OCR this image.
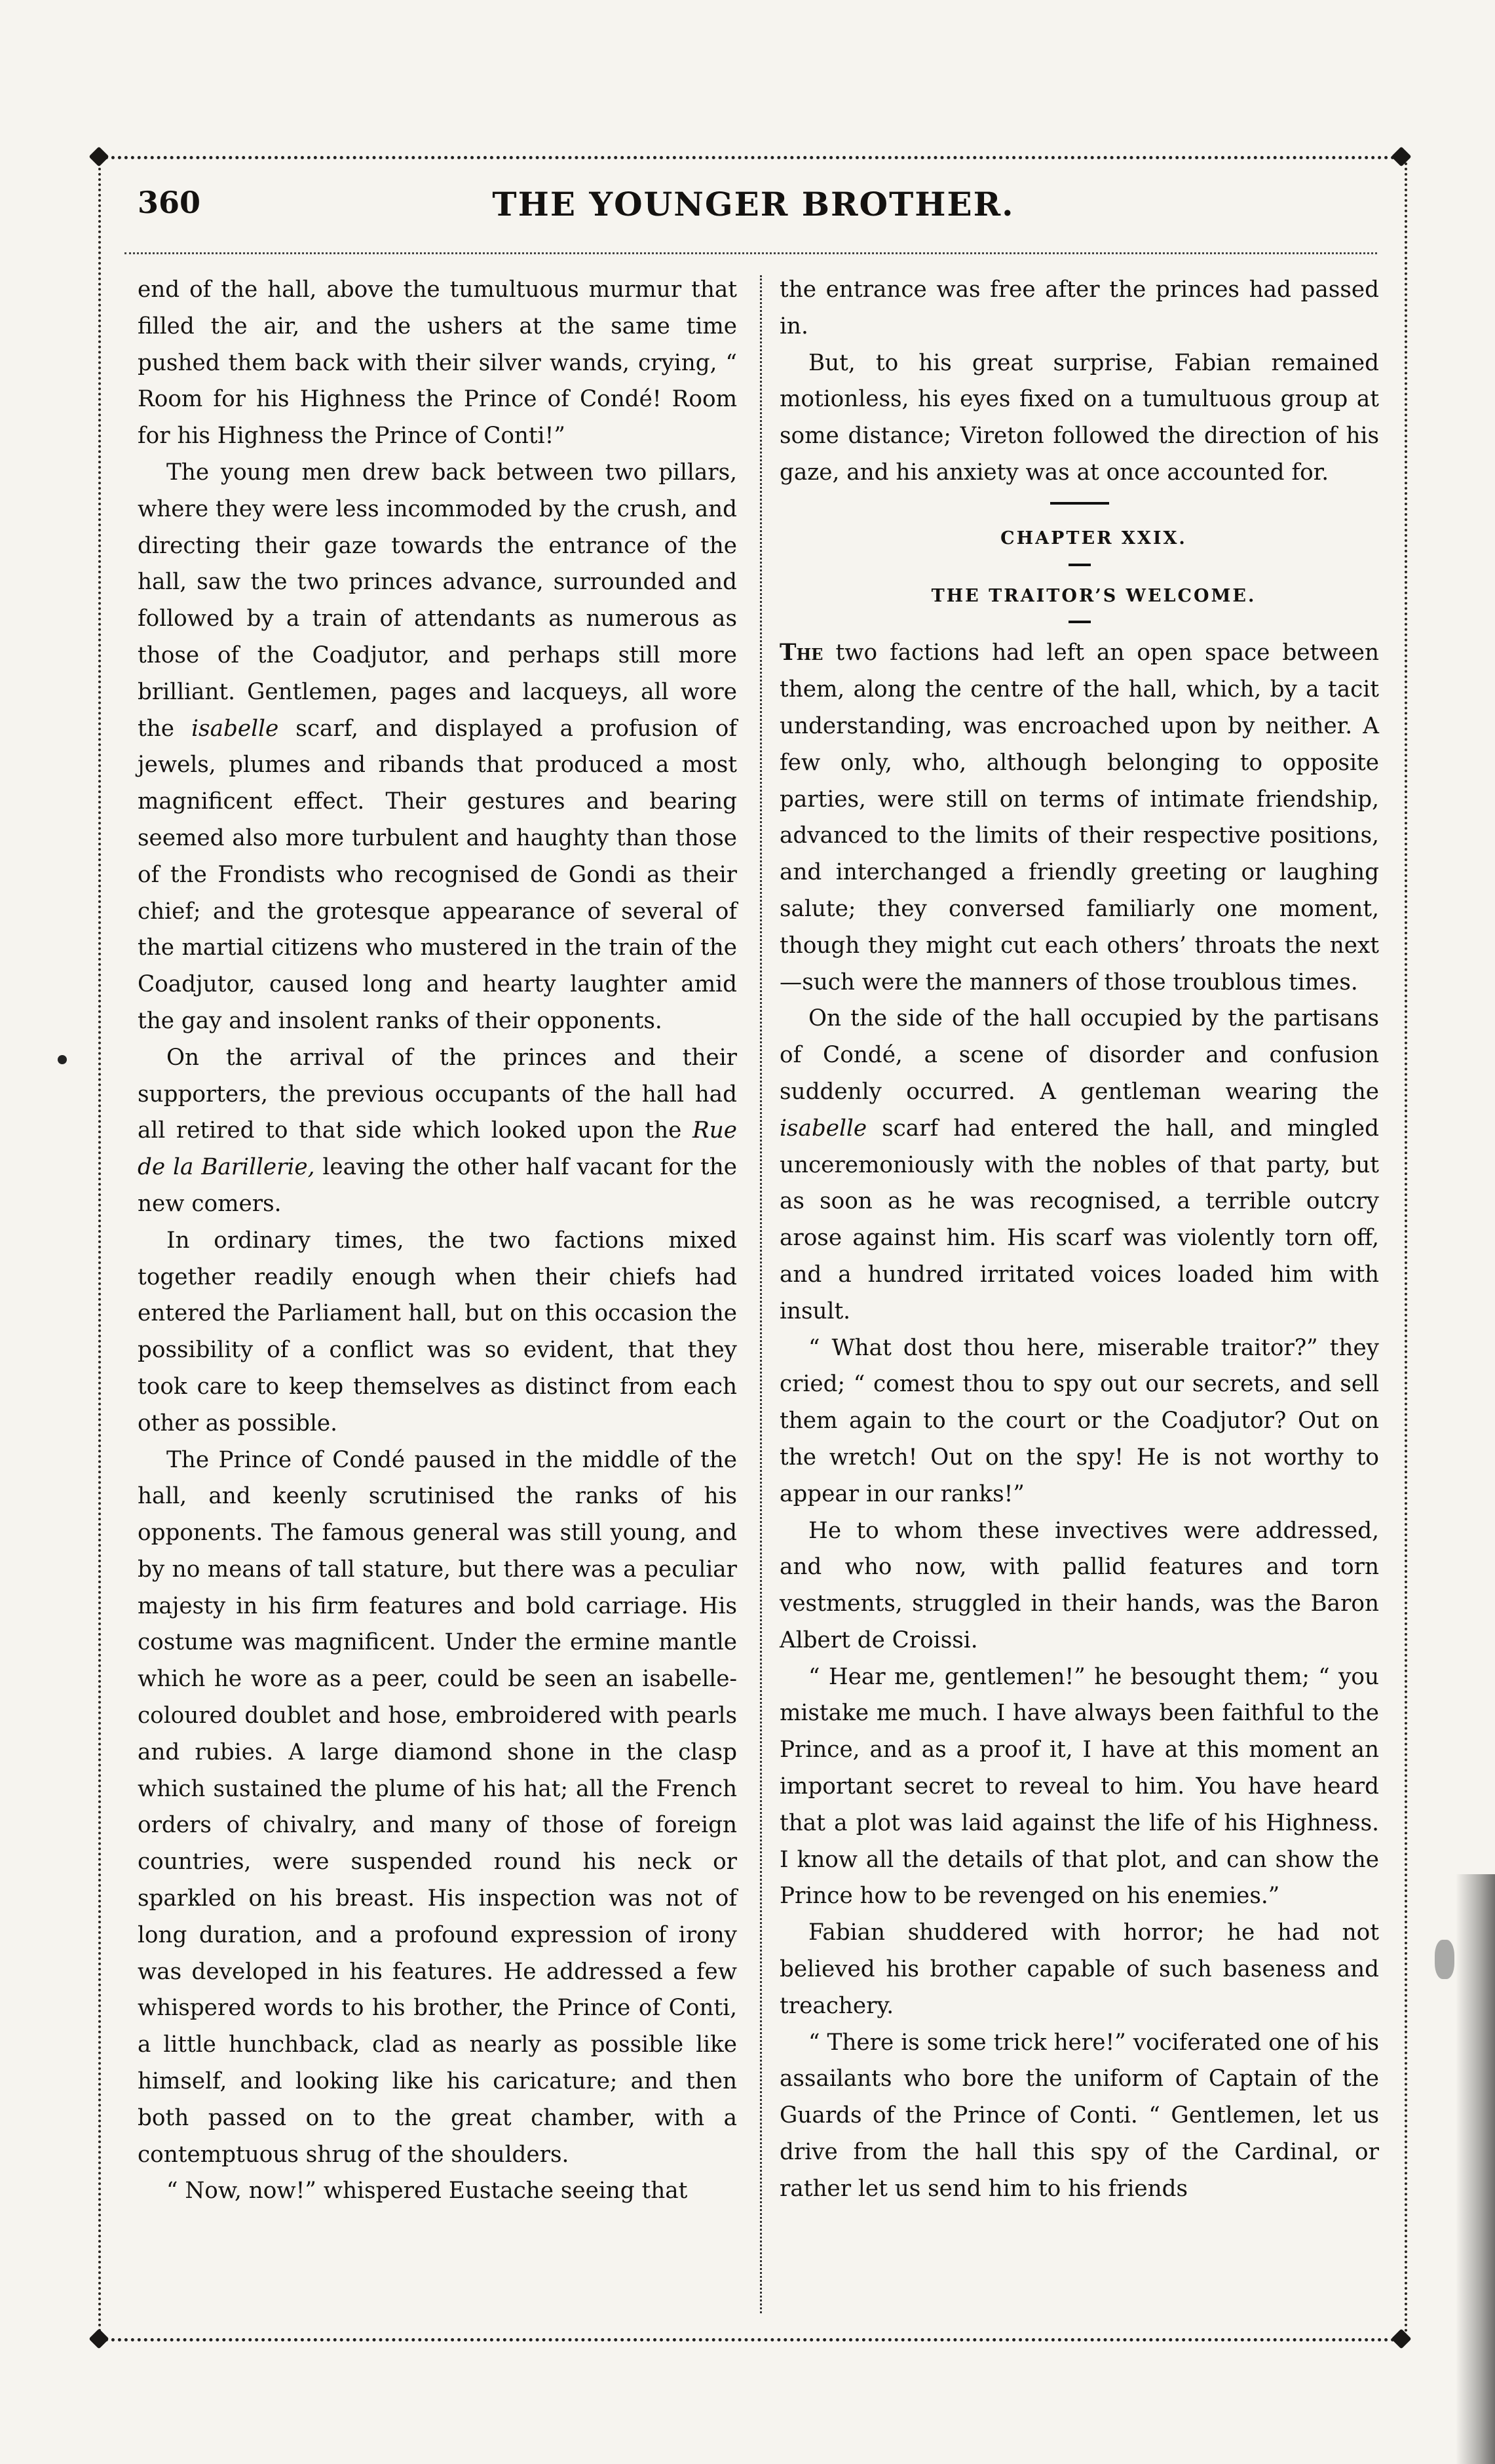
360	THE YOUNGER BROTHER.

end of the hall, above the tumultuous murmur that filled the air, and the ushers at the same time pushed them back with their silver wands, crying, “ Room for his Highness the Prince of Condé! Room for his Highness the Prince of Conti!”

The young men drew back between two pillars, where they were less incommoded by the crush, and directing their gaze towards the entrance of the hall, saw the two princes advance, surrounded and followed by a train of attendants as numerous as those of the Coadjutor, and perhaps still more brilliant. Gentlemen, pages and lacqueys, all wore the isabelle scarf, and displayed a profusion of jewels, plumes and ribands that produced a most magnificent effect. Their gestures and bearing seemed also more turbulent and haughty than those of the Frondists who recognised de Gondi as their chief; and the grotesque appearance of several of the martial citizens who mustered in the train of the Coadjutor, caused long and hearty laughter amid the gay and insolent ranks of their opponents.

On the arrival of the princes and their supporters, the previous occupants of the hall had all retired to that side which looked upon the Rue de la Barillerie, leaving the other half vacant for the new comers.

In ordinary times, the two factions mixed together readily enough when their chiefs had entered the Parliament hall, but on this occasion the possibility of a conflict was so evident, that they took care to keep themselves as distinct from each other as possible.

The Prince of Condé paused in the middle of the hall, and keenly scrutinised the ranks of his opponents. The famous general was still young, and by no means of tall stature, but there was a peculiar majesty in his firm features and bold carriage. His costume was magnificent. Under the ermine mantle which he wore as a peer, could be seen an isabelle-coloured doublet and hose, embroidered with pearls and rubies. A large diamond shone in the clasp which sustained the plume of his hat; all the French orders of chivalry, and many of those of foreign countries, were suspended round his neck or sparkled on his breast. His inspection was not of long duration, and a profound expression of irony was developed in his features. He addressed a few whispered words to his brother, the Prince of Conti, a little hunchback, clad as nearly as possible like himself, and looking like his caricature; and then both passed on to the great chamber, with a contemptuous shrug of the shoulders.

“ Now, now!” whispered Eustache seeing that

the entrance was free after the princes had passed in.

But, to his great surprise, Fabian remained motionless, his eyes fixed on a tumultuous group at some distance; Vireton followed the direction of his gaze, and his anxiety was at once accounted for.

CHAPTER XXIX.

THE TRAITOR’S WELCOME.

The two factions had left an open space between them, along the centre of the hall, which, by a tacit understanding, was encroached upon by neither. A few only, who, although belonging to opposite parties, were still on terms of intimate friendship, advanced to the limits of their respective positions, and interchanged a friendly greeting or laughing salute; they conversed familiarly one moment, though they might cut each others’ throats the next—such were the manners of those troublous times.

On the side of the hall occupied by the partisans of Condé, a scene of disorder and confusion suddenly occurred. A gentleman wearing the isabelle scarf had entered the hall, and mingled unceremoniously with the nobles of that party, but as soon as he was recognised, a terrible outcry arose against him. His scarf was violently torn off, and a hundred irritated voices loaded him with insult.

“ What dost thou here, miserable traitor?” they cried; “ comest thou to spy out our secrets, and sell them again to the court or the Coadjutor? Out on the wretch! Out on the spy! He is not worthy to appear in our ranks!”

He to whom these invectives were addressed, and who now, with pallid features and torn vestments, struggled in their hands, was the Baron Albert de Croissi.

“ Hear me, gentlemen!” he besought them; “ you mistake me much. I have always been faithful to the Prince, and as a proof it, I have at this moment an important secret to reveal to him. You have heard that a plot was laid against the life of his Highness. I know all the details of that plot, and can show the Prince how to be revenged on his enemies.”

Fabian shuddered with horror; he had not believed his brother capable of such baseness and treachery.

“ There is some trick here!” vociferated one of his assailants who bore the uniform of Captain of the Guards of the Prince of Conti. “ Gentlemen, let us drive from the hall this spy of the Cardinal, or rather let us send him to his friends
